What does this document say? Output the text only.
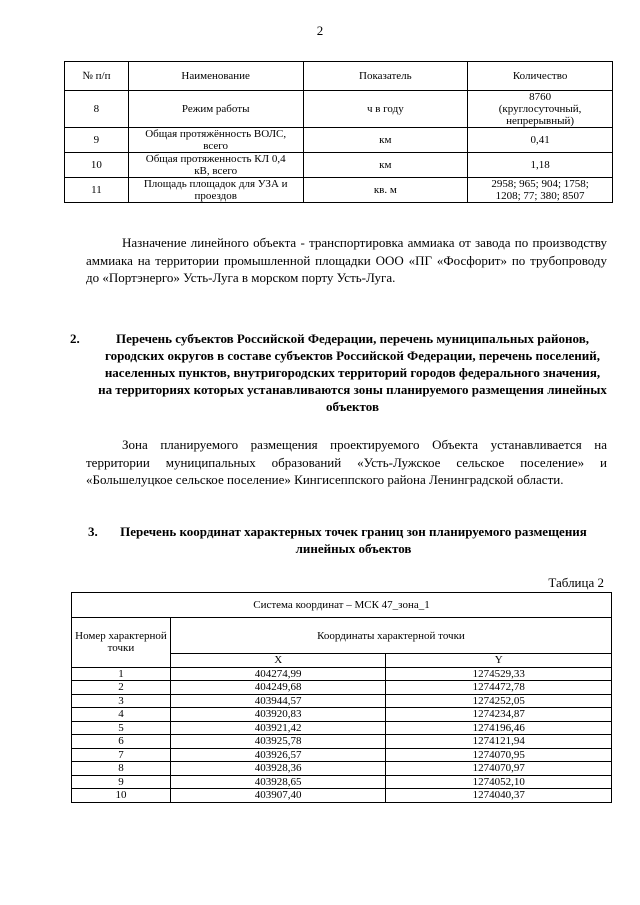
2
№ п/п	Наименование	Показатель	Количество
8	Режим работы	ч в году	8760
(круглосуточный,
непрерывный)

9	Общая протяжённость ВОЛС,
всего	км	0,41
10	Общая протяженность КЛ 0,4
кВ, всего	км	1,18
11	Площадь площадок для УЗА и
проездов	кв. м	2958; 965; 904; 1758;
1208; 77; 380; 8507

Назначение линейного объекта - транспортировка аммиака от завода по производству аммиака на территории промышленной площадки ООО «ПГ «Фосфорит» по трубопроводу до «Портэнерго» Усть-Луга в морском порту Усть-Луга.

2.	Перечень субъектов Российской Федерации, перечень муниципальных районов, городских округов в составе субъектов Российской Федерации, перечень поселений, населенных пунктов, внутригородских территорий городов федерального значения, на территориях которых устанавливаются зоны планируемого размещения линейных объектов

Зона планируемого размещения проектируемого Объекта устанавливается на территории муниципальных образований «Усть-Лужское сельское поселение» и «Большелуцкое сельское поселение» Кингисеппского района Ленинградской области.

3.	Перечень координат характерных точек границ зон планируемого размещения линейных объектов
Таблица 2
Система координат – МСК 47_зона_1		
Номер характерной точки	Координаты характерной точки	
	X	Y
1	404274,99	1274529,33
2	404249,68	1274472,78
3	403944,57	1274252,05
4	403920,83	1274234,87
5	403921,42	1274196,46
6	403925,78	1274121,94
7	403926,57	1274070,95
8	403928,36	1274070,97
9	403928,65	1274052,10
10	403907,40	1274040,37
